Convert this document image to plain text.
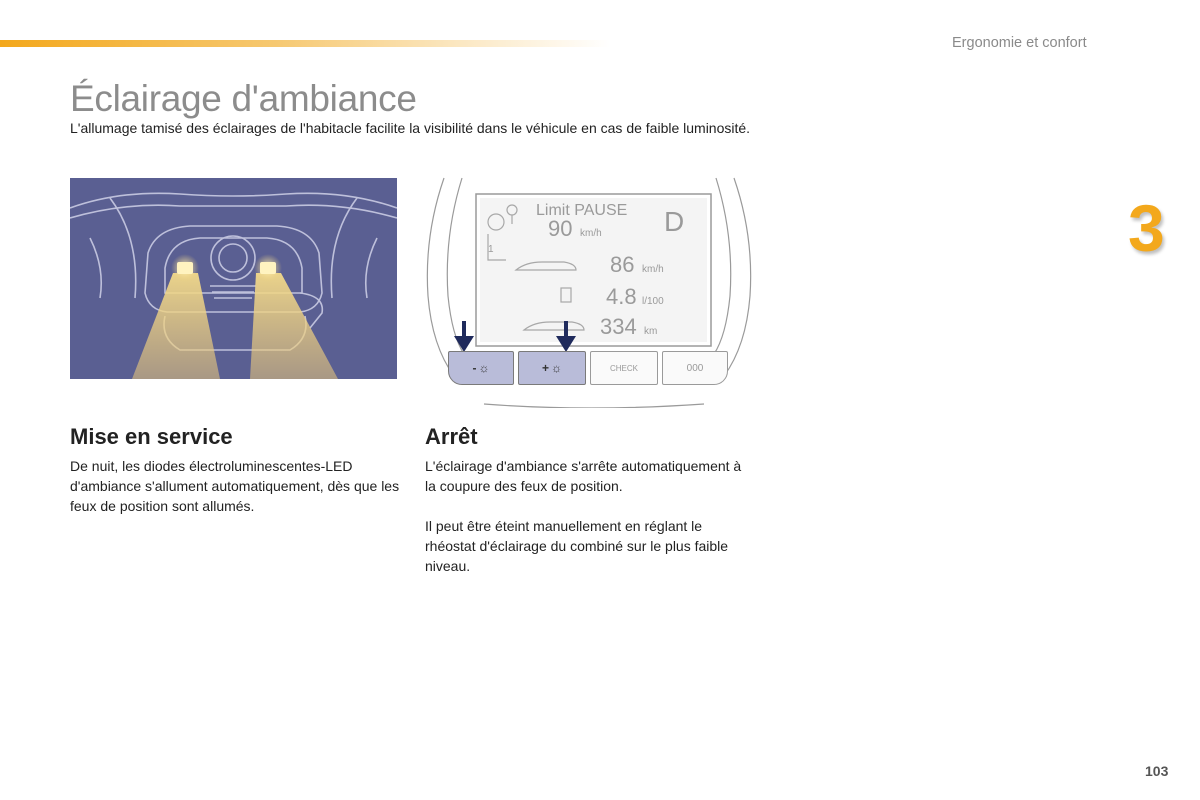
Ergonomie et confort
Éclairage d'ambiance

L'allumage tamisé des éclairages de l'habitacle facilite la visibilité dans le véhicule en cas de faible luminosité.

3
Limit PAUSE
90 km/h D
1
86 km/h
4.8 l/100
334 km
- ☼	+ ☼	CHECK	000
Mise en service

De nuit, les diodes électroluminescentes-LED d'ambiance s'allument automatiquement, dès que les feux de position sont allumés.

Arrêt

L'éclairage d'ambiance s'arrête automatiquement à la coupure des feux de position.

Il peut être éteint manuellement en réglant le rhéostat d'éclairage du combiné sur le plus faible niveau.

103
